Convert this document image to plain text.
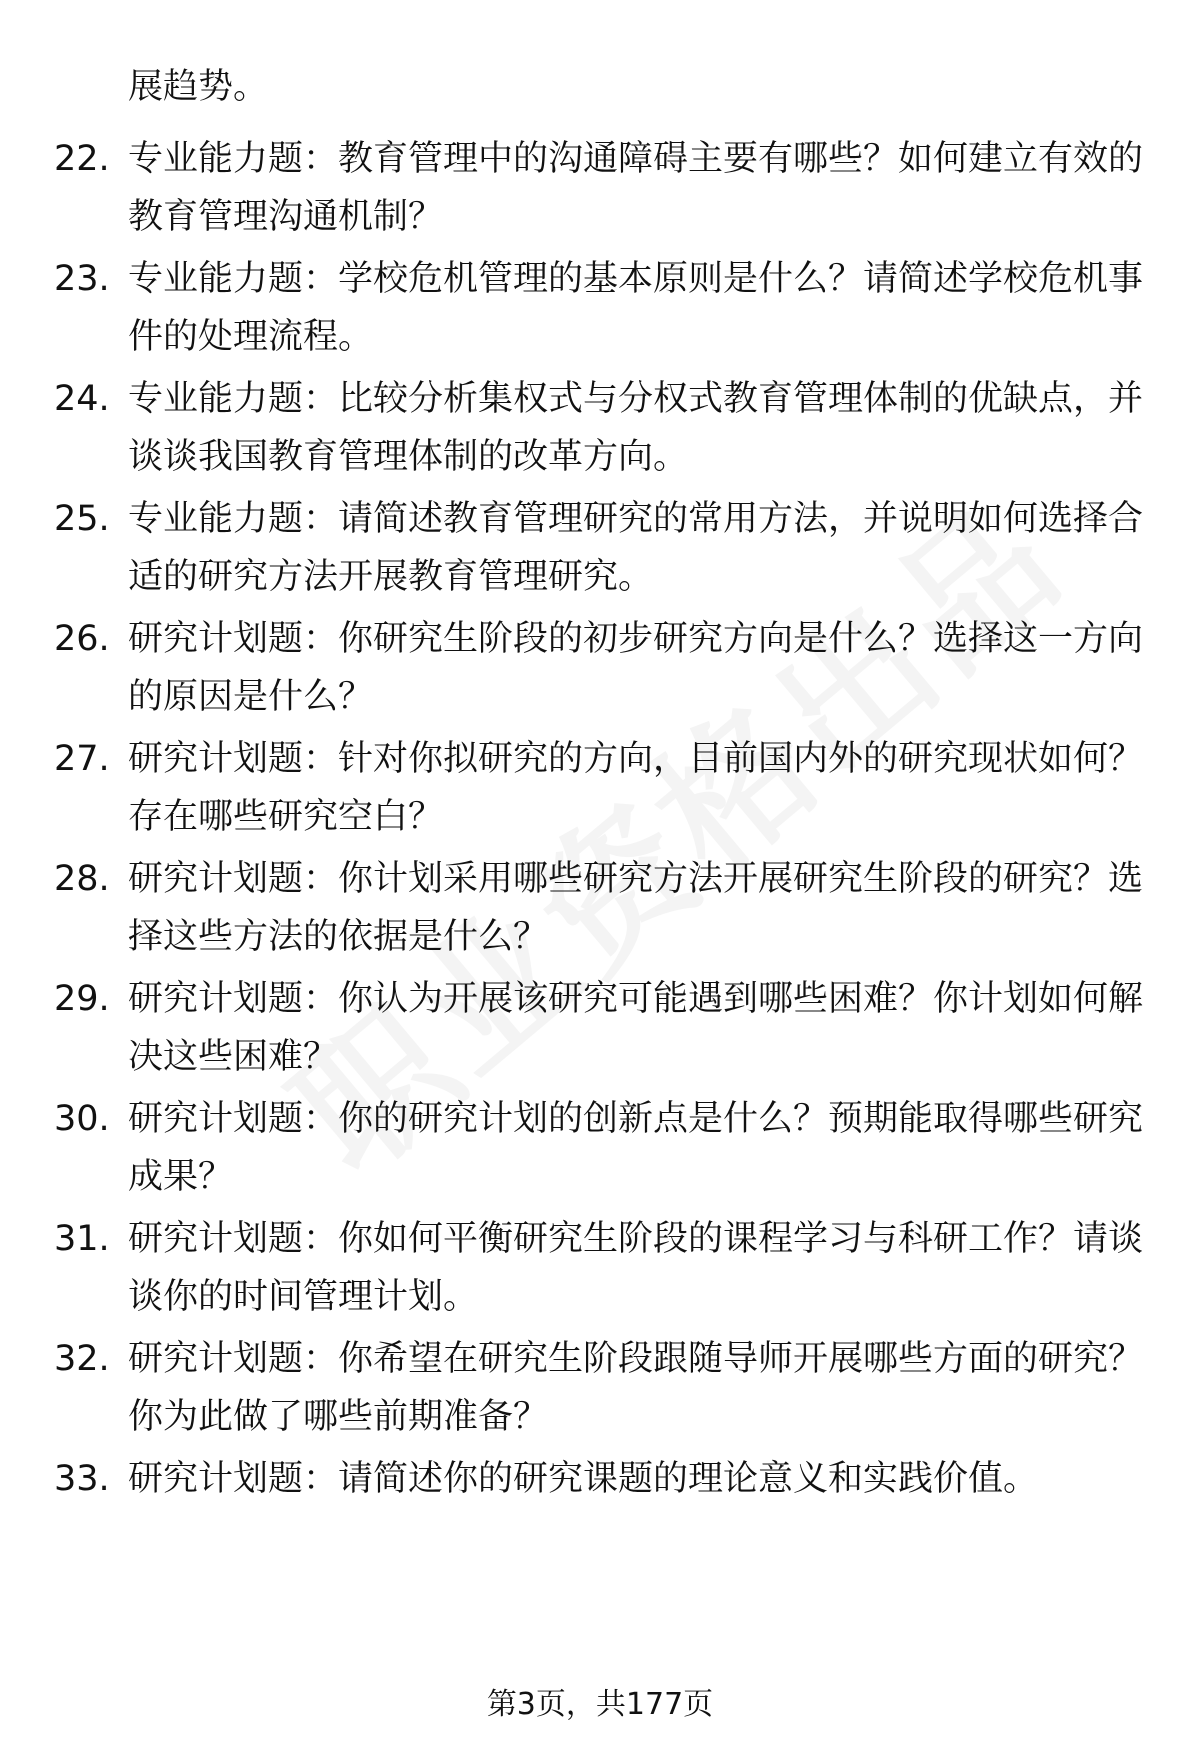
展趋势。

22. 专业能力题：教育管理中的沟通障碍主要有哪些？如何建立有效的教育管理沟通机制？

23. 专业能力题：学校危机管理的基本原则是什么？请简述学校危机事件的处理流程。

24. 专业能力题：比较分析集权式与分权式教育管理体制的优缺点，并谈谈我国教育管理体制的改革方向。

25. 专业能力题：请简述教育管理研究的常用方法，并说明如何选择合适的研究方法开展教育管理研究。

26. 研究计划题：你研究生阶段的初步研究方向是什么？选择这一方向的原因是什么？

27. 研究计划题：针对你拟研究的方向，目前国内外的研究现状如何？存在哪些研究空白？

28. 研究计划题：你计划采用哪些研究方法开展研究生阶段的研究？选择这些方法的依据是什么？

29. 研究计划题：你认为开展该研究可能遇到哪些困难？你计划如何解决这些困难？

30. 研究计划题：你的研究计划的创新点是什么？预期能取得哪些研究成果？

31. 研究计划题：你如何平衡研究生阶段的课程学习与科研工作？请谈谈你的时间管理计划。

32. 研究计划题：你希望在研究生阶段跟随导师开展哪些方面的研究？你为此做了哪些前期准备？

33. 研究计划题：请简述你的研究课题的理论意义和实践价值。

第3页，共177页
